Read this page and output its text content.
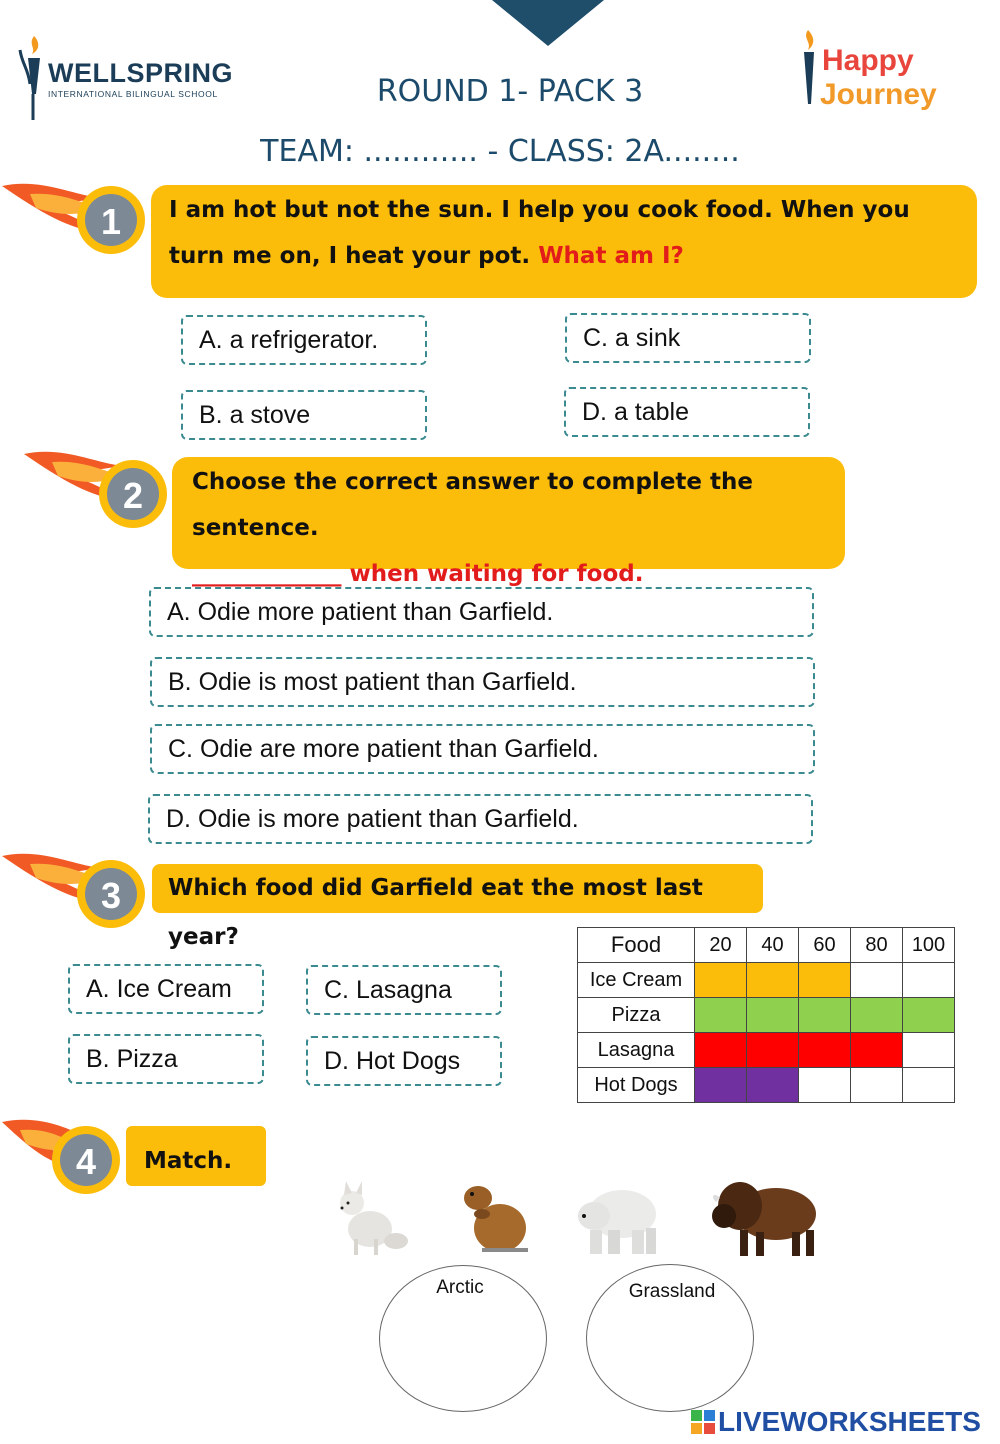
WELLSPRING
INTERNATIONAL BILINGUAL SCHOOL
Happy
Journey
ROUND 1- PACK 3
TEAM: ............ - CLASS: 2A........
1	I am hot but not the sun. I help you cook food. When you turn me on, I heat your pot. What am I?
A. a refrigerator.
B. a stove
C. a sink
D. a table
2 Choose the correct answer to complete the sentence.
_____________ when waiting for food.
A. Odie more patient than Garfield.
B. Odie is most patient than Garfield.
C. Odie are more patient than Garfield.
D. Odie is more patient than Garfield.
3	Which food did Garfield eat the most last year?
A. Ice Cream
B. Pizza
C. Lasagna
D. Hot Dogs
Food	20	40	60	80	100
Ice Cream					
Pizza					
Lasagna					
Hot Dogs					
4	Match.
Arctic	Grassland
LIVEWORKSHEETS
